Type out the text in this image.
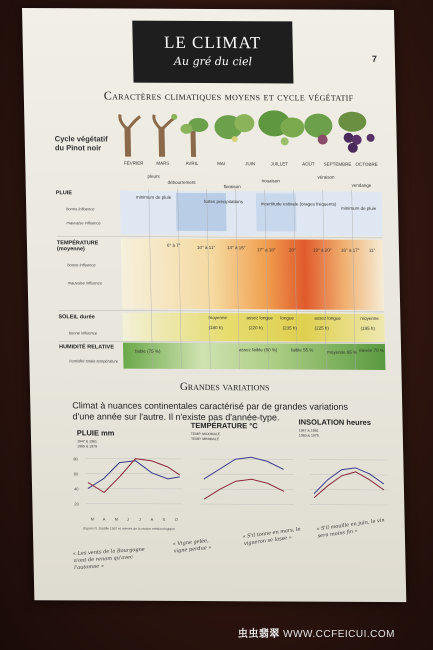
LE CLIMAT
Au gré du ciel	7
Caractères climatiques moyens et cycle végétatif
Cycle végétatif du Pinot noir
FÉVRIER	MARS	AVRIL	MAI	JUIN	JUILLET	AOÛT	SEPTEMBRE OCTOBRE
pleurs
débourrement
floraison
nouaison
véraison
vendange
PLUIE
bonne influence
mauvaise influence
minimum de pluie
fortes précipitations	incertitude estivale (orages fréquents)
minimum de pluie
TEMPÉRATURE (moyenne)
bonne influence
mauvaise influence
6° à 7°	10° à 11°	14° à 15°	17° à 18°	20°	19° à 20° 16° à 17° 11°
SOLEIL durée
bonne influence
moyenne	assez longue longue	assez longue	moyenne
(180 h)	(220 h)	(235 h)	(225 h)	(195 h)
HUMIDITÉ RELATIVE
humidité totale température
faible (75 %)	assez faible (60 %)	faible 55 %	moyenne 65 % élevée 70 %
Grandes variations
Climat à nuances continentales caractérisé par de grandes variations d'une année sur l'autre. Il n'existe pas d'année-type.
PLUIE mm
1947 & 1961
1965 & 1979
TEMPÉRATURE °C
TEMP. MAXIMALE
TEMP. MINIMALE
INSOLATION heures
1947 & 1961
1965 & 1979
80
60
40
20
M A M J J A S O
d'après R. Gadille 1967 et relevés de la station météorologique
« Les vents de la Bourgogne n'ont de renom qu'avec l'automne »
« Vigne gelée, vigne perdue »
« S'il tonne en mars, le vigneron se lasse »
« S'il mouille en juin, le vin sera moins fin »
虫虫翡翠 WWW.CCFEICUI.COM
